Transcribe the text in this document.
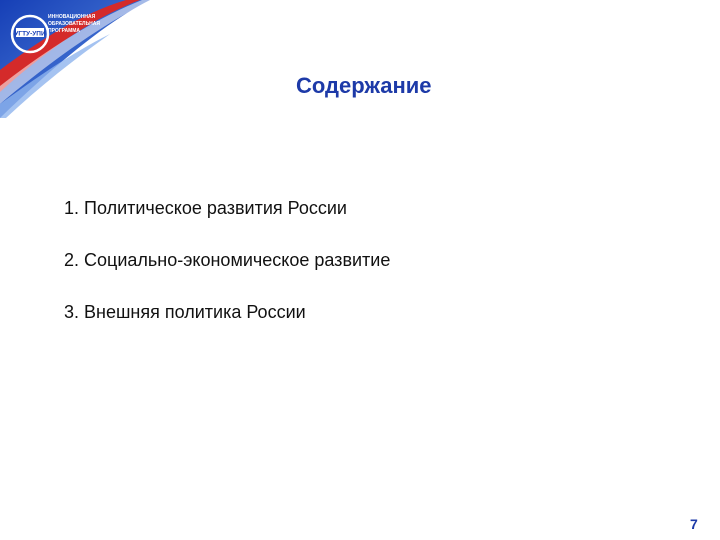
УГТУ-УПИ
ИННОВАЦИОННАЯ
ОБРАЗОВАТЕЛЬНАЯ
ПРОГРАММА
Содержание
1. Политическое развития России
2. Социально-экономическое развитие
3. Внешняя политика России
7
